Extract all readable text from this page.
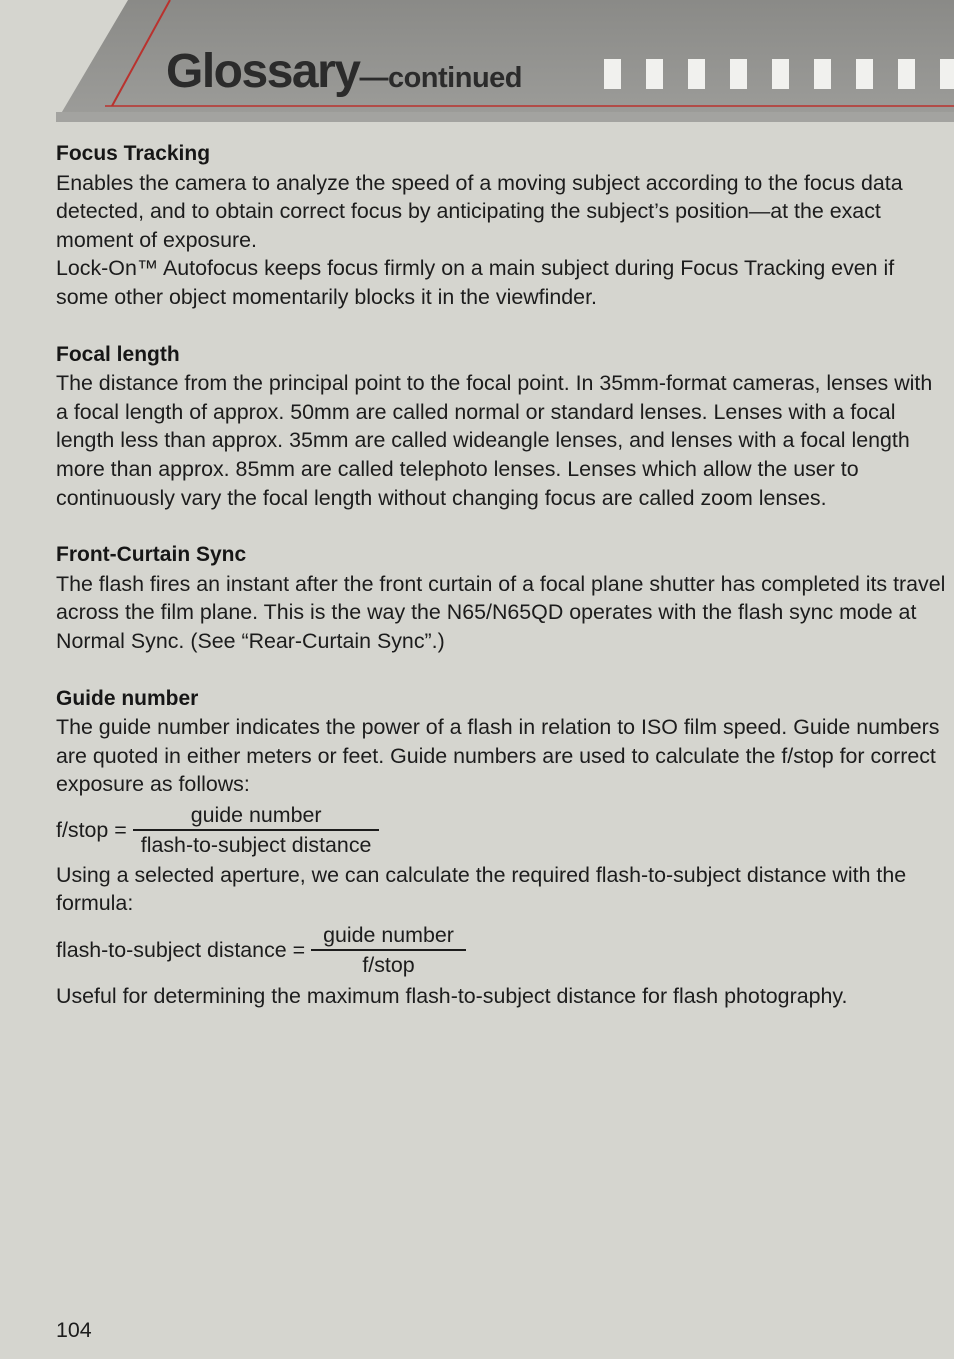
Glossary—continued
Focus Tracking

Enables the camera to analyze the speed of a moving subject according to the focus data detected, and to obtain correct focus by anticipating the subject’s position—at the exact moment of exposure.

Lock-On™ Autofocus keeps focus firmly on a main subject during Focus Tracking even if some other object momentarily blocks it in the viewfinder.

Focal length

The distance from the principal point to the focal point. In 35mm-format cameras, lenses with a focal length of approx. 50mm are called normal or standard lenses. Lenses with a focal length less than approx. 35mm are called wideangle lenses, and lenses with a focal length more than approx. 85mm are called telephoto lenses. Lenses which allow the user to continuously vary the focal length without changing focus are called zoom lenses.

Front-Curtain Sync

The flash fires an instant after the front curtain of a focal plane shutter has completed its travel across the film plane. This is the way the N65/N65QD operates with the flash sync mode at Normal Sync. (See “Rear-Curtain Sync”.)

Guide number

The guide number indicates the power of a flash in relation to ISO film speed. Guide numbers are quoted in either meters or feet. Guide numbers are used to calculate the f/stop for correct exposure as follows:

f/stop = $\frac{\text{guide number}}{\text{flash-to-subject distance}}$

Using a selected aperture, we can calculate the required flash-to-subject distance with the formula:

flash-to-subject distance = $\frac{\text{guide number}}{\text{f/stop}}$

Useful for determining the maximum flash-to-subject distance for flash photography.

104
